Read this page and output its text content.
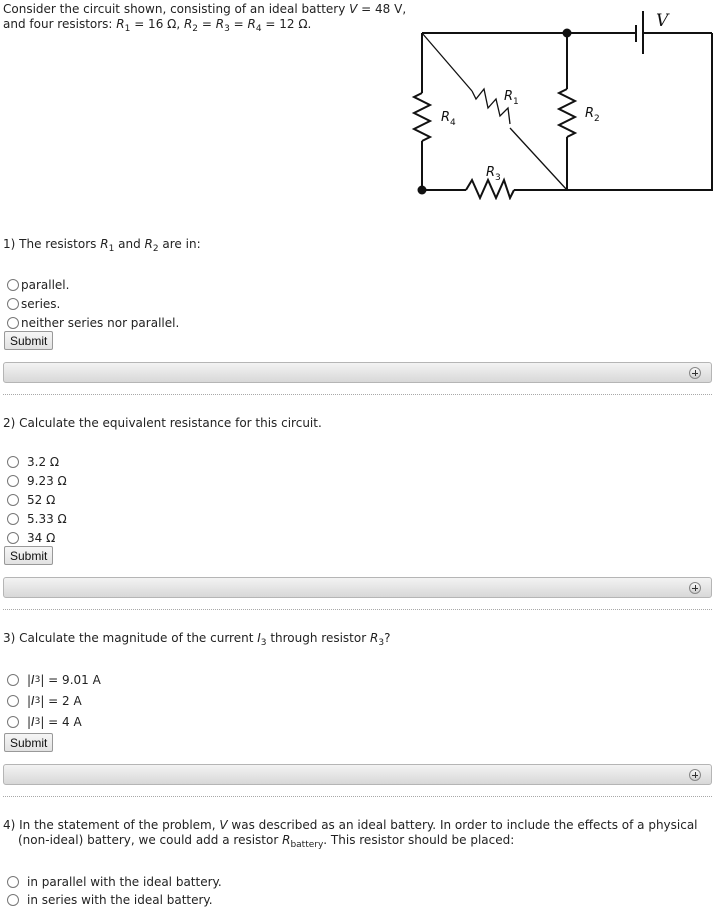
Consider the circuit shown, consisting of an ideal battery V = 48 V,
and four resistors: $R_1 = 16$ Ω, $R_2 = R_3 = R_4 = 12$ Ω.	V
$R_1$
$R_2$
$R_3$
$R_4$
1) The resistors $R_1$ and $R_2$ are in:
parallel.
series.
neither series nor parallel.
Submit
2) Calculate the equivalent resistance for this circuit.
3.2 Ω
9.23 Ω
52 Ω
5.33 Ω
34 Ω
Submit
3) Calculate the magnitude of the current $I_3$ through resistor $R_3$?
| I 3 | = 9.01 A
| I 3 | = 2 A
| I 3 | = 4 A
Submit
4) In the statement of the problem, V was described as an ideal battery. In order to include the effects of a physical
(non-ideal) battery, we could add a resistor $R_{battery}$. This resistor should be placed:
in parallel with the ideal battery.
in series with the ideal battery.
